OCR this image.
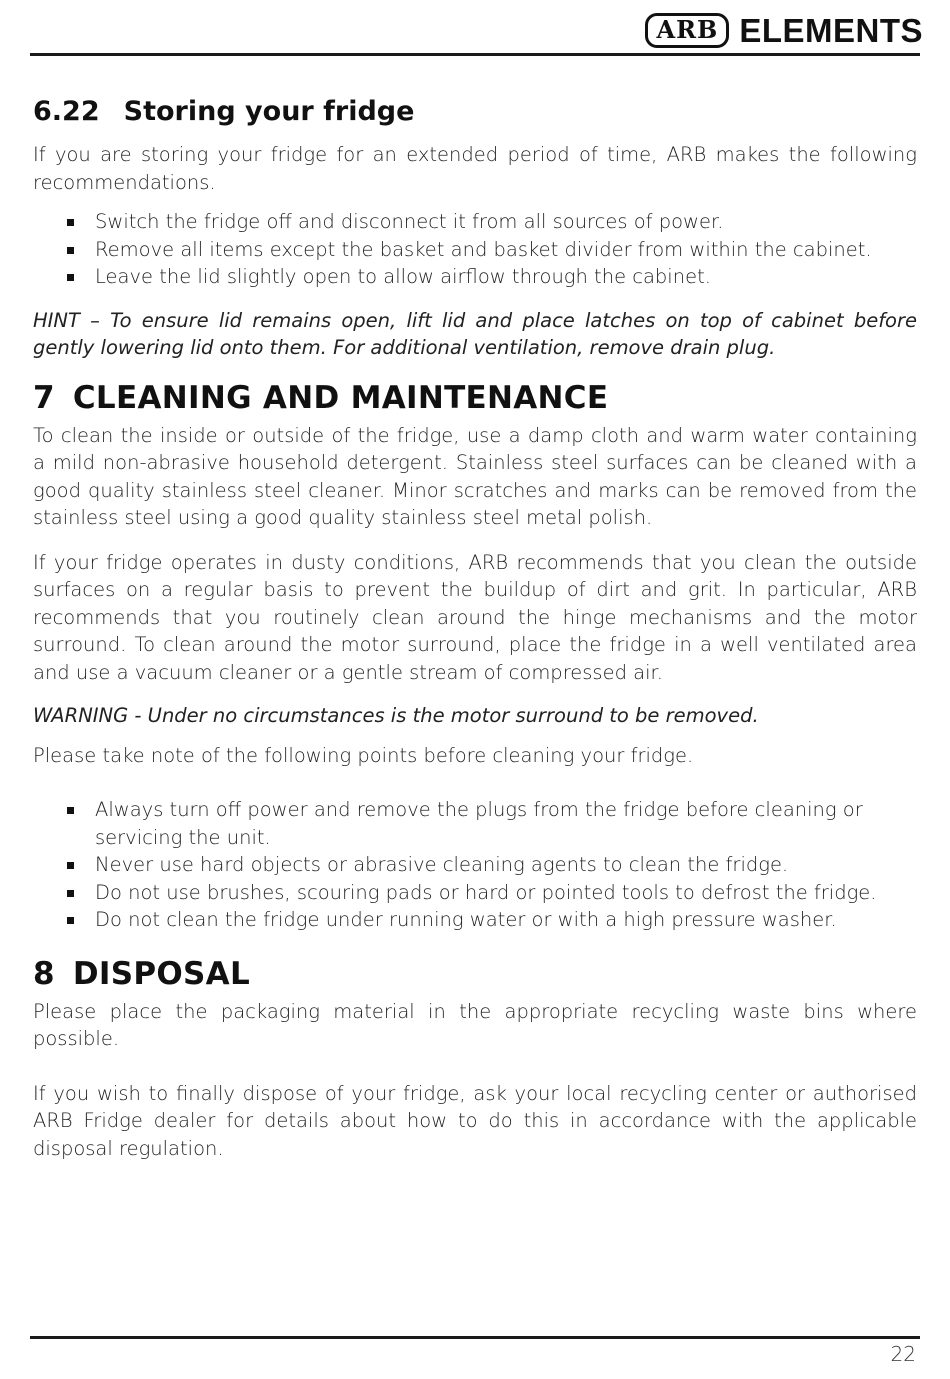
ARB ELEMENTS
6.22 Storing your fridge

If you are storing your fridge for an extended period of time, ARB makes the following recommendations.

Switch the fridge off and disconnect it from all sources of power.
Remove all items except the basket and basket divider from within the cabinet.
Leave the lid slightly open to allow airflow through the cabinet.

HINT – To ensure lid remains open, lift lid and place latches on top of cabinet before gently lowering lid onto them. For additional ventilation, remove drain plug.

7 CLEANING AND MAINTENANCE

To clean the inside or outside of the fridge, use a damp cloth and warm water containing a mild non-abrasive household detergent. Stainless steel surfaces can be cleaned with a good quality stainless steel cleaner. Minor scratches and marks can be removed from the stainless steel using a good quality stainless steel metal polish.

If your fridge operates in dusty conditions, ARB recommends that you clean the outside surfaces on a regular basis to prevent the buildup of dirt and grit. In particular, ARB recommends that you routinely clean around the hinge mechanisms and the motor surround. To clean around the motor surround, place the fridge in a well ventilated area and use a vacuum cleaner or a gentle stream of compressed air.

WARNING - Under no circumstances is the motor surround to be removed.

Please take note of the following points before cleaning your fridge.

Always turn off power and remove the plugs from the fridge before cleaning or servicing the unit.
Never use hard objects or abrasive cleaning agents to clean the fridge.
Do not use brushes, scouring pads or hard or pointed tools to defrost the fridge.
Do not clean the fridge under running water or with a high pressure washer.
8 DISPOSAL

Please place the packaging material in the appropriate recycling waste bins where possible.

If you wish to finally dispose of your fridge, ask your local recycling center or authorised ARB Fridge dealer for details about how to do this in accordance with the applicable disposal regulation.

22
